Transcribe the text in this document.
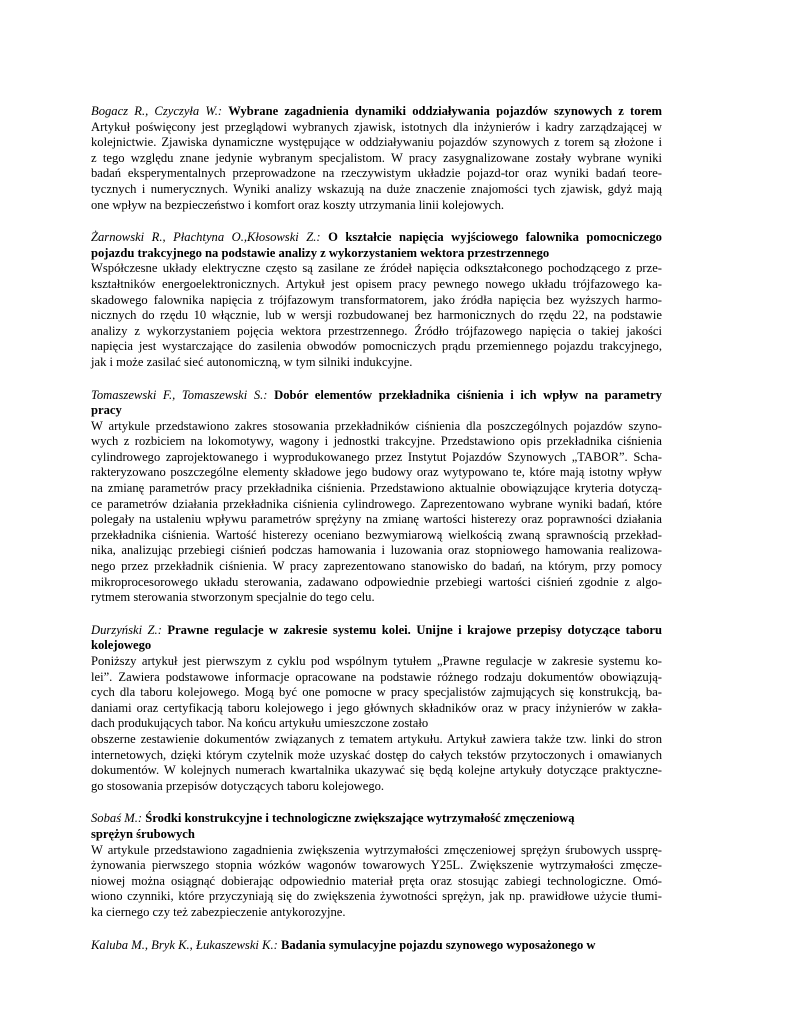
Bogacz R., Czyczyła W.: Wybrane zagadnienia dynamiki oddziaływania pojazdów szynowych z torem
Artykuł poświęcony jest przeglądowi wybranych zjawisk, istotnych dla inżynierów i kadry zarządzającej w
kolejnictwie. Zjawiska dynamiczne występujące w oddziaływaniu pojazdów szynowych z torem są złożone i
z tego względu znane jedynie wybranym specjalistom. W pracy zasygnalizowane zostały wybrane wyniki
badań eksperymentalnych przeprowadzone na rzeczywistym układzie pojazd-tor oraz wyniki badań teore-
tycznych i numerycznych. Wyniki analizy wskazują na duże znaczenie znajomości tych zjawisk, gdyż mają
one wpływ na bezpieczeństwo i komfort oraz koszty utrzymania linii kolejowych.
Żarnowski R., Płachtyna O.,Kłosowski Z.: O kształcie napięcia wyjściowego falownika pomocniczego
pojazdu trakcyjnego na podstawie analizy z wykorzystaniem wektora przestrzennego
Współczesne układy elektryczne często są zasilane ze źródeł napięcia odkształconego pochodzącego z prze-
kształtników energoelektronicznych. Artykuł jest opisem pracy pewnego nowego układu trójfazowego ka-
skadowego falownika napięcia z trójfazowym transformatorem, jako źródła napięcia bez wyższych harmo-
nicznych do rzędu 10 włącznie, lub w wersji rozbudowanej bez harmonicznych do rzędu 22, na podstawie
analizy z wykorzystaniem pojęcia wektora przestrzennego. Źródło trójfazowego napięcia o takiej jakości
napięcia jest wystarczające do zasilenia obwodów pomocniczych prądu przemiennego pojazdu trakcyjnego,
jak i może zasilać sieć autonomiczną, w tym silniki indukcyjne.
Tomaszewski F., Tomaszewski S.: Dobór elementów przekładnika ciśnienia i ich wpływ na parametry
pracy
W artykule przedstawiono zakres stosowania przekładników ciśnienia dla poszczególnych pojazdów szyno-
wych z rozbiciem na lokomotywy, wagony i jednostki trakcyjne. Przedstawiono opis przekładnika ciśnienia
cylindrowego zaprojektowanego i wyprodukowanego przez Instytut Pojazdów Szynowych „TABOR”. Scha-
rakteryzowano poszczególne elementy składowe jego budowy oraz wytypowano te, które mają istotny wpływ
na zmianę parametrów pracy przekładnika ciśnienia. Przedstawiono aktualnie obowiązujące kryteria dotyczą-
ce parametrów działania przekładnika ciśnienia cylindrowego. Zaprezentowano wybrane wyniki badań, które
polegały na ustaleniu wpływu parametrów sprężyny na zmianę wartości histerezy oraz poprawności działania
przekładnika ciśnienia. Wartość histerezy oceniano bezwymiarową wielkością zwaną sprawnością przekład-
nika, analizując przebiegi ciśnień podczas hamowania i luzowania oraz stopniowego hamowania realizowa-
nego przez przekładnik ciśnienia. W pracy zaprezentowano stanowisko do badań, na którym, przy pomocy
mikroprocesorowego układu sterowania, zadawano odpowiednie przebiegi wartości ciśnień zgodnie z algo-
rytmem sterowania stworzonym specjalnie do tego celu.
Durzyński Z.: Prawne regulacje w zakresie systemu kolei. Unijne i krajowe przepisy dotyczące taboru
kolejowego
Poniższy artykuł jest pierwszym z cyklu pod wspólnym tytułem „Prawne regulacje w zakresie systemu ko-
lei”. Zawiera podstawowe informacje opracowane na podstawie różnego rodzaju dokumentów obowiązują-
cych dla taboru kolejowego. Mogą być one pomocne w pracy specjalistów zajmujących się konstrukcją, ba-
daniami oraz certyfikacją taboru kolejowego i jego głównych składników oraz w pracy inżynierów w zakła-
dach produkujących tabor. Na końcu artykułu umieszczone zostało
obszerne zestawienie dokumentów związanych z tematem artykułu. Artykuł zawiera także tzw. linki do stron
internetowych, dzięki którym czytelnik może uzyskać dostęp do całych tekstów przytoczonych i omawianych
dokumentów. W kolejnych numerach kwartalnika ukazywać się będą kolejne artykuły dotyczące praktyczne-
go stosowania przepisów dotyczących taboru kolejowego.
Sobaś M.: Środki konstrukcyjne i technologiczne zwiększające wytrzymałość zmęczeniową
sprężyn śrubowych
W artykule przedstawiono zagadnienia zwiększenia wytrzymałości zmęczeniowej sprężyn śrubowych ussprę-
żynowania pierwszego stopnia wózków wagonów towarowych Y25L. Zwiększenie wytrzymałości zmęcze-
niowej można osiągnąć dobierając odpowiednio materiał pręta oraz stosując zabiegi technologiczne. Omó-
wiono czynniki, które przyczyniają się do zwiększenia żywotności sprężyn, jak np. prawidłowe użycie tłumi-
ka ciernego czy też zabezpieczenie antykorozyjne.
Kaluba M., Bryk K., Łukaszewski K.: Badania symulacyjne pojazdu szynowego wyposażonego w
